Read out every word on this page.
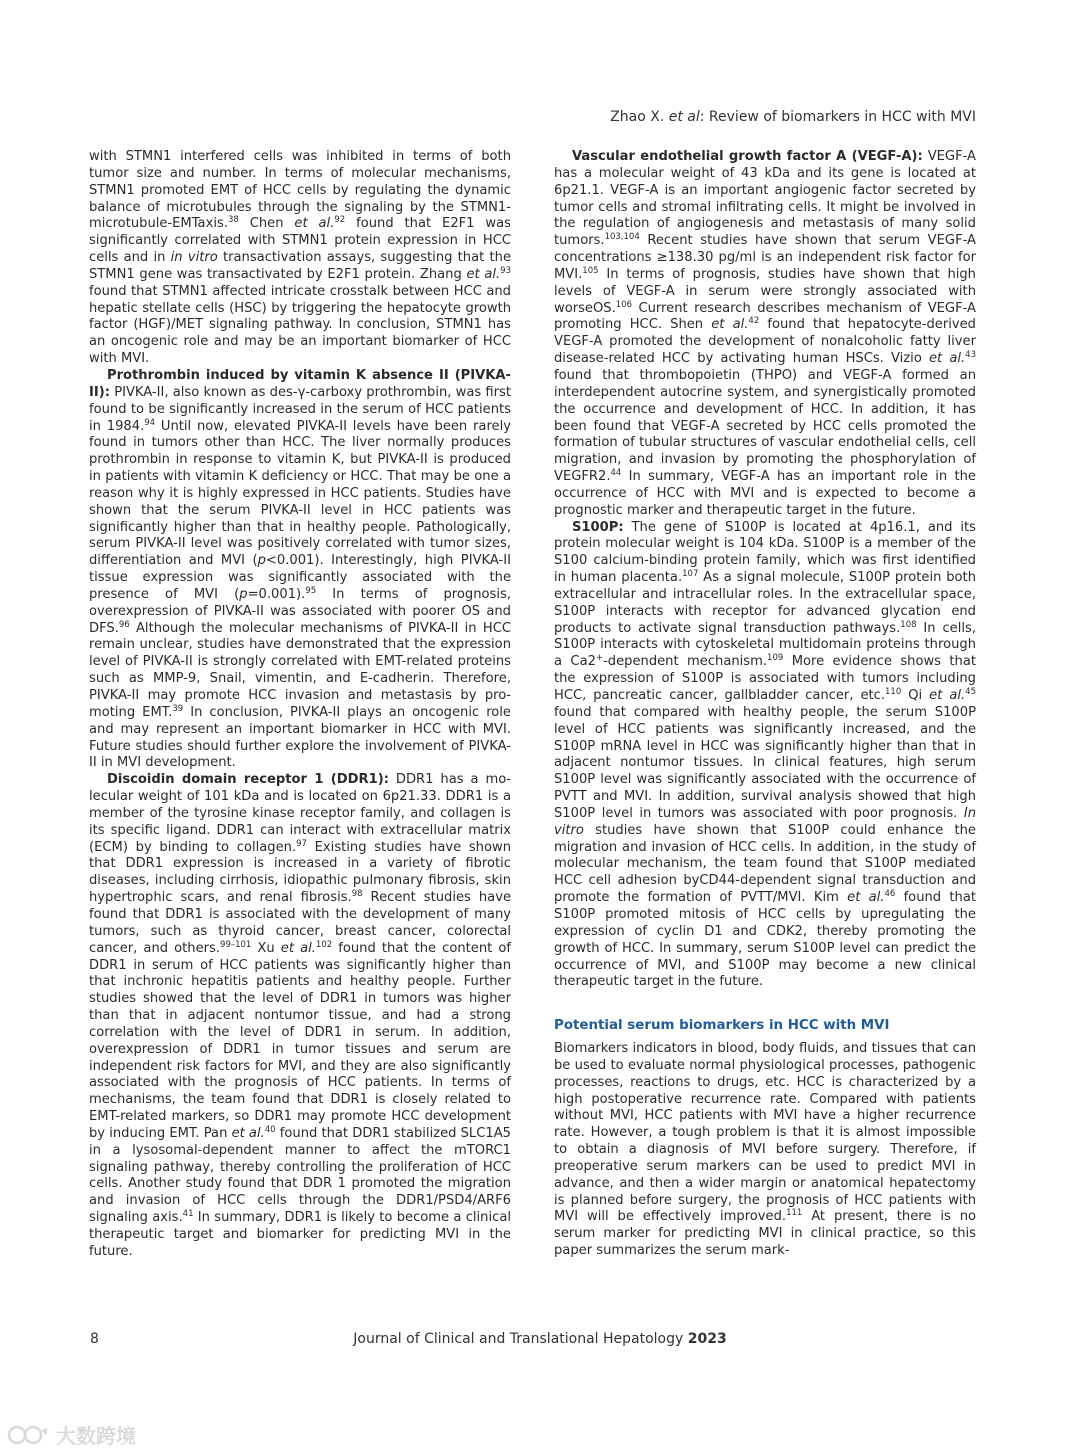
Zhao X. et al: Review of biomarkers in HCC with MVI

with STMN1 interfered cells was inhibited in terms of both tumor size and number. In terms of molecular mechanisms, STMN1 promoted EMT of HCC cells by regulating the dynamic balance of microtubules through the signaling by the STMN1-microtubule-EMTaxis.$^{38}$ Chen et al.$^{92}$ found that E2F1 was significantly correlated with STMN1 protein expression in HCC cells and in in vitro transactivation assays, suggesting that the STMN1 gene was transactivated by E2F1 protein. Zhang et al.$^{93}$ found that STMN1 affected intricate crosstalk between HCC and hepatic stellate cells (HSC) by triggering the hepatocyte growth factor (HGF)/MET signaling pathway. In conclusion, STMN1 has an oncogenic role and may be an important biomarker of HCC with MVI.

Prothrombin induced by vitamin K absence II (PIVKA-II): PIVKA-II, also known as des-γ-carboxy prothrombin, was first found to be significantly increased in the serum of HCC patients in 1984.94 Until now, elevated PIVKA-II levels have been rarely found in tumors other than HCC. The liver normally produces prothrombin in response to vitamin K, but PIVKA-II is produced in patients with vitamin K deficiency or HCC. That may be one a reason why it is highly expressed in HCC patients. Studies have shown that the serum PIVKA-II level in HCC patients was significantly higher than that in healthy people. Pathologically, serum PIVKA-II level was positively correlated with tumor sizes, differentiation and MVI (p<0.001). Interestingly, high PIVKA-II tissue expression was significantly associated with the presence of MVI (p=0.001).$^{95}$ In terms of prognosis, overexpression of PIVKA-II was associated with poorer OS and DFS.$^{96}$ Although the molecular mechanisms of PIVKA-II in HCC remain unclear, studies have demonstrated that the expression level of PIVKA-II is strongly correlated with EMT-related proteins such as MMP-9, Snail, vimentin, and E-cadherin. Therefore, PIVKA-II may promote HCC invasion and metastasis by promoting EMT.$^{39}$ In conclusion, PIVKA-II plays an oncogenic role and may represent an important biomarker in HCC with MVI. Future studies should further explore the involvement of PIVKA-II in MVI development.

Discoidin domain receptor 1 (DDR1): DDR1 has a molecular weight of 101 kDa and is located on 6p21.33. DDR1 is a member of the tyrosine kinase receptor family, and collagen is its specific ligand. DDR1 can interact with extracellular matrix (ECM) by binding to collagen.$^{97}$ Existing studies have shown that DDR1 expression is increased in a variety of fibrotic diseases, including cirrhosis, idiopathic pulmonary fibrosis, skin hypertrophic scars, and renal fibrosis.$^{98}$ Recent studies have found that DDR1 is associated with the development of many tumors, such as thyroid cancer, breast cancer, colorectal cancer, and others.$^{99-101}$ Xu et al.$^{102}$ found that the content of DDR1 in serum of HCC patients was significantly higher than that inchronic hepatitis patients and healthy people. Further studies showed that the level of DDR1 in tumors was higher than that in adjacent nontumor tissue, and had a strong correlation with the level of DDR1 in serum. In addition, overexpression of DDR1 in tumor tissues and serum are independent risk factors for MVI, and they are also significantly associated with the prognosis of HCC patients. In terms of mechanisms, the team found that DDR1 is closely related to EMT-related markers, so DDR1 may promote HCC development by inducing EMT. Pan et al.$^{40}$ found that DDR1 stabilized SLC1A5 in a lysosomal-dependent manner to affect the mTORC1 signaling pathway, thereby controlling the proliferation of HCC cells. Another study found that DDR 1 promoted the migration and invasion of HCC cells through the DDR1/PSD4/ARF6 signaling axis.$^{41}$ In summary, DDR1 is likely to become a clinical therapeutic target and biomarker for predicting MVI in the future.

Vascular endothelial growth factor A (VEGF-A): VEGF-A has a molecular weight of 43 kDa and its gene is located at 6p21.1. VEGF-A is an important angiogenic factor secreted by tumor cells and stromal infiltrating cells. It might be involved in the regulation of angiogenesis and metastasis of many solid tumors.$^{103,104}$ Recent studies have shown that serum VEGF-A concentrations ≥138.30 pg/ml is an independent risk factor for MVI.$^{105}$ In terms of prognosis, studies have shown that high levels of VEGF-A in serum were strongly associated with worseOS.$^{106}$ Current research describes mechanism of VEGF-A promoting HCC. Shen et al.$^{42}$ found that hepatocyte-derived VEGF-A promoted the development of nonalcoholic fatty liver disease-related HCC by activating human HSCs. Vizio et al.$^{43}$ found that thrombopoietin (THPO) and VEGF-A formed an interdependent autocrine system, and synergistically promoted the occurrence and development of HCC. In addition, it has been found that VEGF-A secreted by HCC cells promoted the formation of tubular structures of vascular endothelial cells, cell migration, and invasion by promoting the phosphorylation of VEGFR2.44 In summary, VEGF-A has an important role in the occurrence of HCC with MVI and is expected to become a prognostic marker and therapeutic target in the future.

S100P: The gene of S100P is located at 4p16.1, and its protein molecular weight is 104 kDa. S100P is a member of the S100 calcium-binding protein family, which was first identified in human placenta.$^{107}$ As a signal molecule, S100P protein both extracellular and intracellular roles. In the extracellular space, S100P interacts with receptor for advanced glycation end products to activate signal transduction pathways.$^{108}$ In cells, S100P interacts with cytoskeletal multidomain proteins through a Ca2+-dependent mechanism.$^{109}$ More evidence shows that the expression of S100P is associated with tumors including HCC, pancreatic cancer, gallbladder cancer, etc.$^{110}$ Qi et al.$^{45}$ found that compared with healthy people, the serum S100P level of HCC patients was significantly increased, and the S100P mRNA level in HCC was significantly higher than that in adjacent nontumor tissues. In clinical features, high serum S100P level was significantly associated with the occurrence of PVTT and MVI. In addition, survival analysis showed that high S100P level in tumors was associated with poor prognosis. In vitro studies have shown that S100P could enhance the migration and invasion of HCC cells. In addition, in the study of molecular mechanism, the team found that S100P mediated HCC cell adhesion byCD44-dependent signal transduction and promote the formation of PVTT/MVI. Kim et al.$^{46}$ found that S100P promoted mitosis of HCC cells by upregulating the expression of cyclin D1 and CDK2, thereby promoting the growth of HCC. In summary, serum S100P level can predict the occurrence of MVI, and S100P may become a new clinical therapeutic target in the future.

Potential serum biomarkers in HCC with MVI

Biomarkers indicators in blood, body fluids, and tissues that can be used to evaluate normal physiological processes, pathogenic processes, reactions to drugs, etc. HCC is characterized by a high postoperative recurrence rate. Compared with patients without MVI, HCC patients with MVI have a higher recurrence rate. However, a tough problem is that it is almost impossible to obtain a diagnosis of MVI before surgery. Therefore, if preoperative serum markers can be used to predict MVI in advance, and then a wider margin or anatomical hepatectomy is planned before surgery, the prognosis of HCC patients with MVI will be effectively improved.$^{111}$ At present, there is no serum marker for predicting MVI in clinical practice, so this paper summarizes the serum mark-

8	Journal of Clinical and Translational Hepatology 2023
大数跨境
